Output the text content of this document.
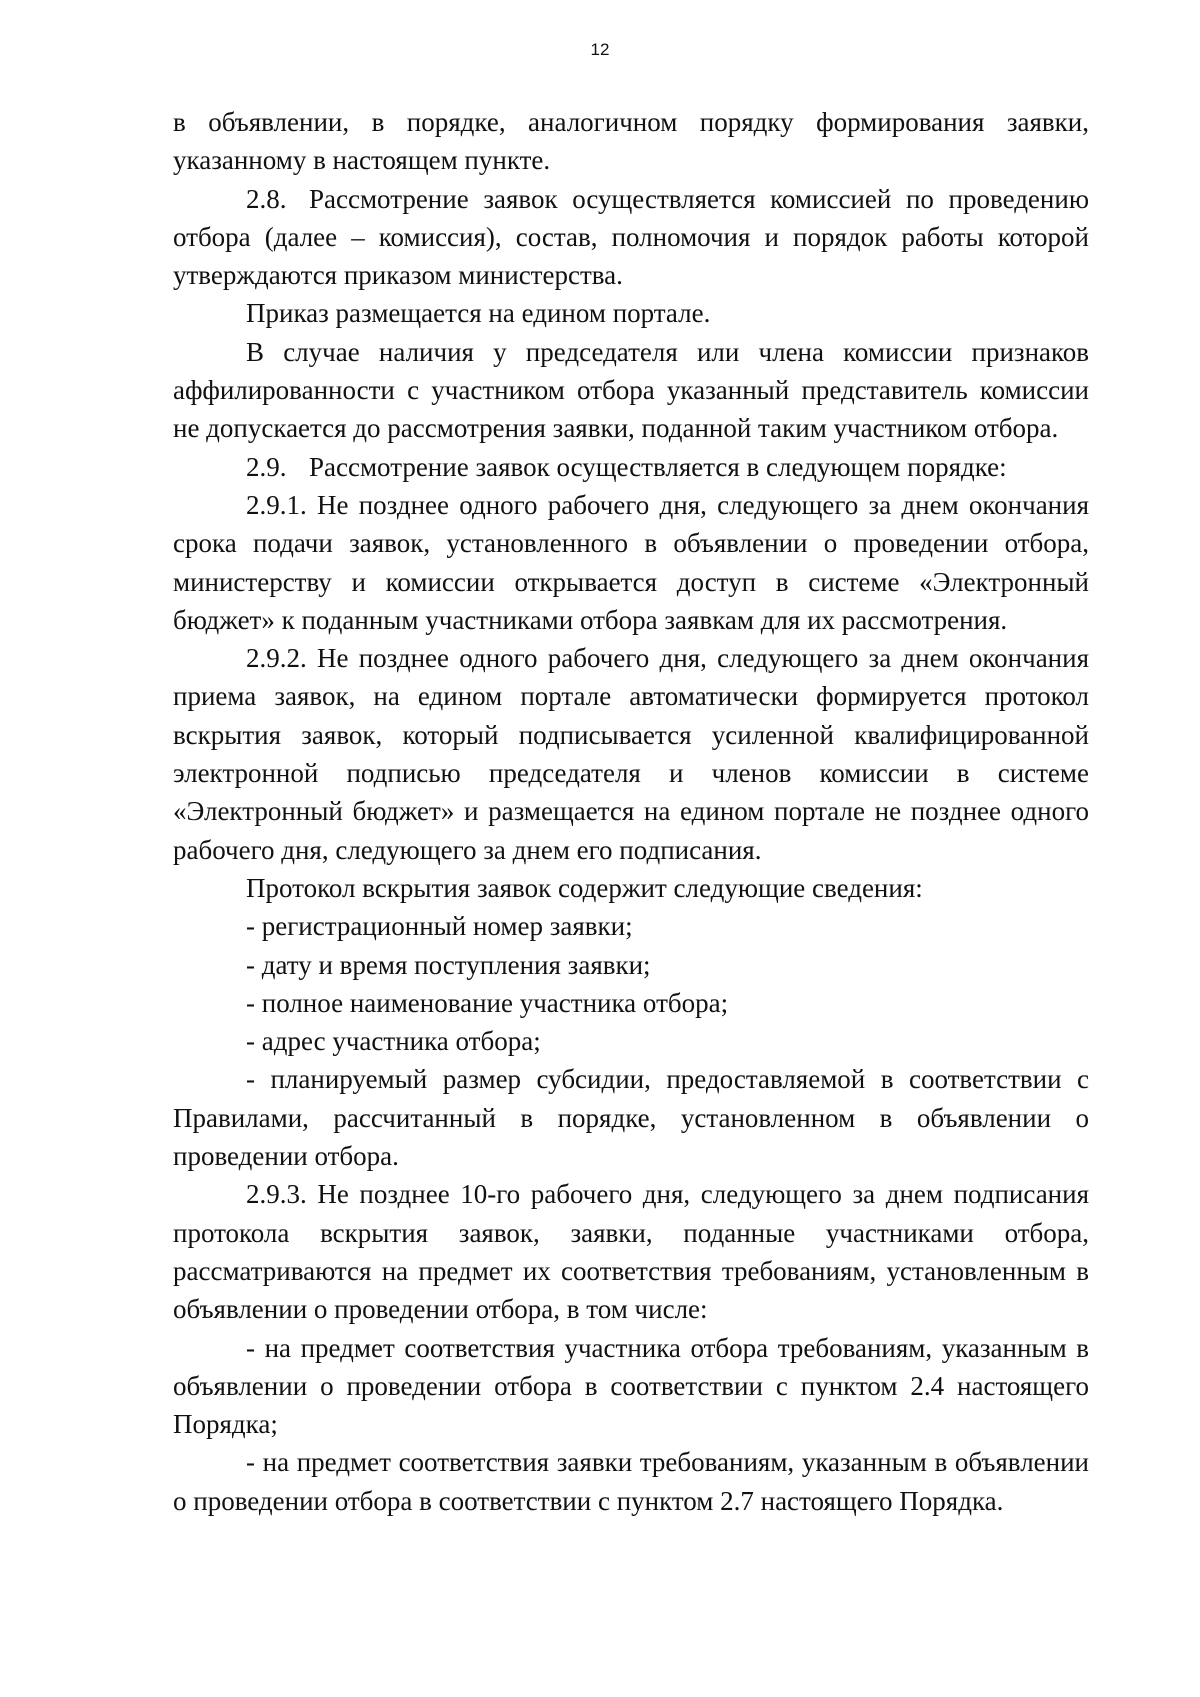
12

в объявлении, в порядке, аналогичном порядку формирования заявки, указанному в настоящем пункте.

2.8. Рассмотрение заявок осуществляется комиссией по проведению отбора (далее – комиссия), состав, полномочия и порядок работы которой утверждаются приказом министерства.

Приказ размещается на едином портале.

В случае наличия у председателя или члена комиссии признаков аффилированности с участником отбора указанный представитель комиссии не допускается до рассмотрения заявки, поданной таким участником отбора.

2.9. Рассмотрение заявок осуществляется в следующем порядке:

2.9.1. Не позднее одного рабочего дня, следующего за днем окончания срока подачи заявок, установленного в объявлении о проведении отбора, министерству и комиссии открывается доступ в системе «Электронный бюджет» к поданным участниками отбора заявкам для их рассмотрения.

2.9.2. Не позднее одного рабочего дня, следующего за днем окончания приема заявок, на едином портале автоматически формируется протокол вскрытия заявок, который подписывается усиленной квалифицированной электронной подписью председателя и членов комиссии в системе «Электронный бюджет» и размещается на едином портале не позднее одного рабочего дня, следующего за днем его подписания.

Протокол вскрытия заявок содержит следующие сведения:

- регистрационный номер заявки;

- дату и время поступления заявки;

- полное наименование участника отбора;

- адрес участника отбора;

- планируемый размер субсидии, предоставляемой в соответствии с Правилами, рассчитанный в порядке, установленном в объявлении о проведении отбора.

2.9.3. Не позднее 10-го рабочего дня, следующего за днем подписания протокола вскрытия заявок, заявки, поданные участниками отбора, рассматриваются на предмет их соответствия требованиям, установленным в объявлении о проведении отбора, в том числе:

- на предмет соответствия участника отбора требованиям, указанным в объявлении о проведении отбора в соответствии с пунктом 2.4 настоящего Порядка;

- на предмет соответствия заявки требованиям, указанным в объявлении о проведении отбора в соответствии с пунктом 2.7 настоящего Порядка.
